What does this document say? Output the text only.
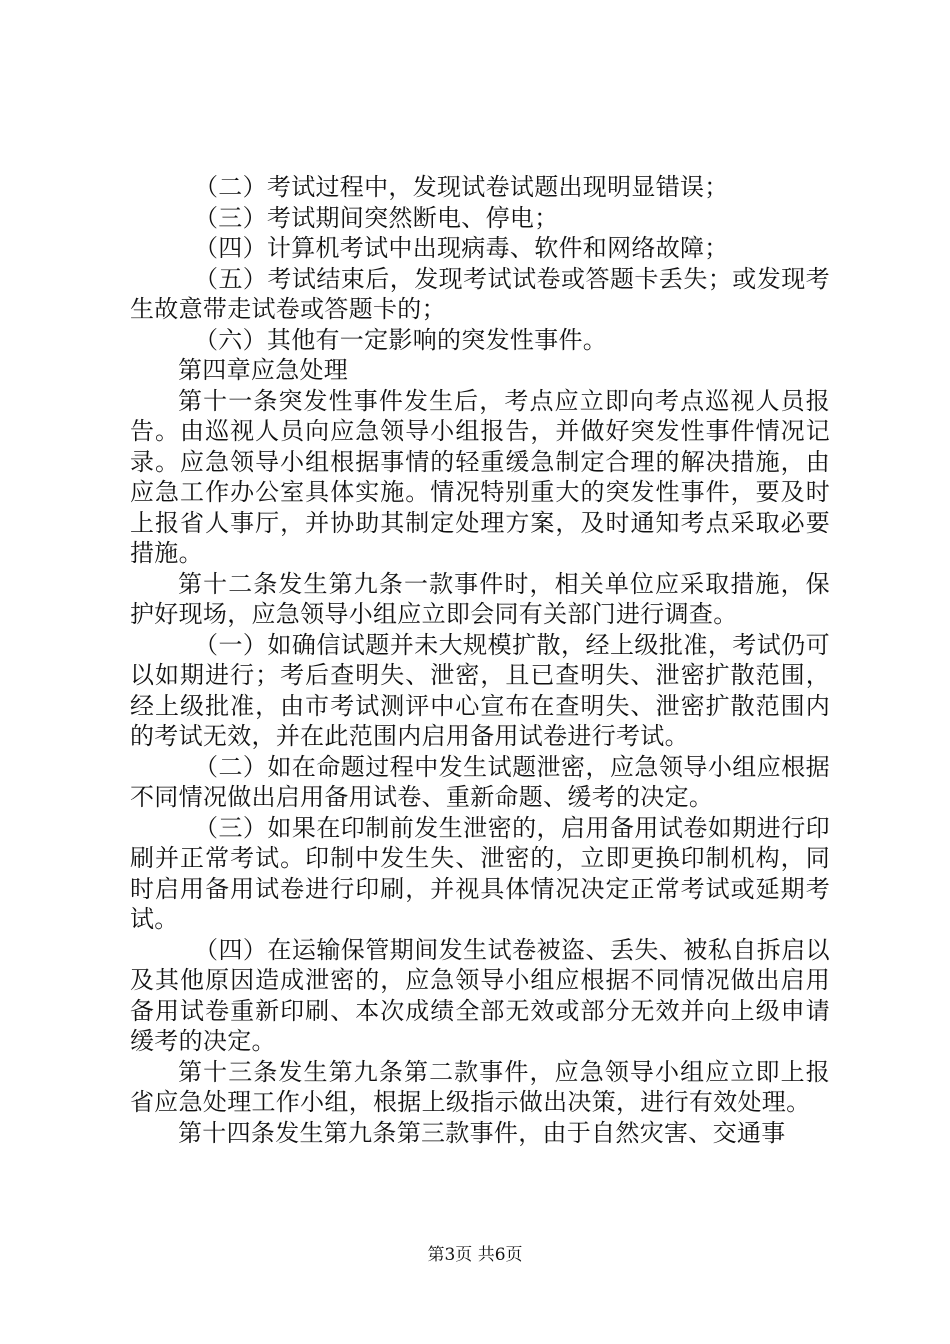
（二）考试过程中，发现试卷试题出现明显错误；

（三）考试期间突然断电、停电；

（四）计算机考试中出现病毒、软件和网络故障；

（五）考试结束后，发现考试试卷或答题卡丢失；或发现考生故意带走试卷或答题卡的；

（六）其他有一定影响的突发性事件。

第四章应急处理

第十一条突发性事件发生后，考点应立即向考点巡视人员报告。由巡视人员向应急领导小组报告，并做好突发性事件情况记录。应急领导小组根据事情的轻重缓急制定合理的解决措施，由应急工作办公室具体实施。情况特别重大的突发性事件，要及时上报省人事厅，并协助其制定处理方案，及时通知考点采取必要措施。

第十二条发生第九条一款事件时，相关单位应采取措施，保护好现场，应急领导小组应立即会同有关部门进行调查。

（一）如确信试题并未大规模扩散，经上级批准，考试仍可以如期进行；考后查明失、泄密，且已查明失、泄密扩散范围，经上级批准，由市考试测评中心宣布在查明失、泄密扩散范围内的考试无效，并在此范围内启用备用试卷进行考试。

（二）如在命题过程中发生试题泄密，应急领导小组应根据不同情况做出启用备用试卷、重新命题、缓考的决定。

（三）如果在印制前发生泄密的，启用备用试卷如期进行印刷并正常考试。印制中发生失、泄密的，立即更换印制机构，同时启用备用试卷进行印刷，并视具体情况决定正常考试或延期考试。

（四）在运输保管期间发生试卷被盗、丢失、被私自拆启以及其他原因造成泄密的，应急领导小组应根据不同情况做出启用备用试卷重新印刷、本次成绩全部无效或部分无效并向上级申请缓考的决定。

第十三条发生第九条第二款事件，应急领导小组应立即上报省应急处理工作小组，根据上级指示做出决策，进行有效处理。

第十四条发生第九条第三款事件，由于自然灾害、交通事

第3页 共6页
